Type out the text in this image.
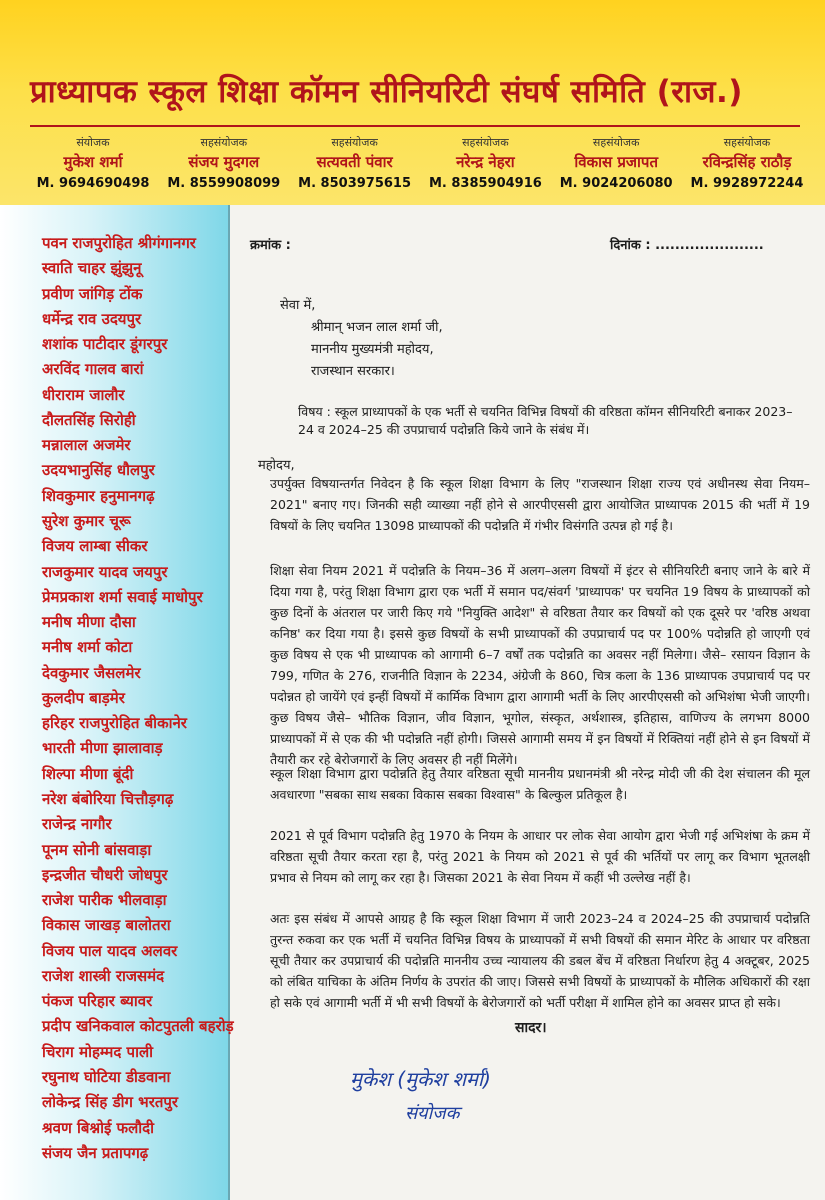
प्राध्यापक स्कूल शिक्षा कॉमन सीनियरिटी संघर्ष समिति (राज.)
संयोजक
मुकेश शर्मा
M. 9694690498
सहसंयोजक
संजय मुदगल
M. 8559908099
सहसंयोजक
सत्यवती पंवार
M. 8503975615
सहसंयोजक
नरेन्द्र नेहरा
M. 8385904916
सहसंयोजक
विकास प्रजापत
M. 9024206080
सहसंयोजक
रविन्द्रसिंह राठौड़
M. 9928972244
पवन राजपुरोहित श्रीगंगानगर
स्वाति चाहर झुंझुनू
प्रवीण जांगिड़ टोंक
धर्मेन्द्र राव उदयपुर
शशांक पाटीदार डूंगरपुर
अरविंद गालव बारां
धीराराम जालौर
दौलतसिंह सिरोही
मन्नालाल अजमेर
उदयभानुसिंह धौलपुर
शिवकुमार हनुमानगढ़
सुरेश कुमार चूरू
विजय लाम्बा सीकर
राजकुमार यादव जयपुर
प्रेमप्रकाश शर्मा सवाई माधोपुर
मनीष मीणा दौसा
मनीष शर्मा कोटा
देवकुमार जैसलमेर
कुलदीप बाड़मेर
हरिहर राजपुरोहित बीकानेर
भारती मीणा झालावाड़
शिल्पा मीणा बूंदी
नरेश बंबोरिया चित्तौड़गढ़
राजेन्द्र नागौर
पूनम सोनी बांसवाड़ा
इन्द्रजीत चौधरी जोधपुर
राजेश पारीक भीलवाड़ा
विकास जाखड़ बालोतरा
विजय पाल यादव अलवर
राजेश शास्त्री राजसमंद
पंकज परिहार ब्यावर
प्रदीप खनिकवाल कोटपुतली बहरोड़
चिराग मोहम्मद पाली
रघुनाथ घोटिया डीडवाना
लोकेन्द्र सिंह डीग भरतपुर
श्रवण बिश्नोई फलौदी
संजय जैन प्रतापगढ़
क्रमांक :	दिनांक : ......................
सेवा में,
श्रीमान् भजन लाल शर्मा जी,
माननीय मुख्यमंत्री महोदय,
राजस्थान सरकार।
विषय : स्कूल प्राध्यापकों के एक भर्ती से चयनित विभिन्न विषयों की वरिष्ठता कॉमन सीनियरिटी बनाकर 2023–24 व 2024–25 की उपप्राचार्य पदोन्नति किये जाने के संबंध में।
महोदय,
उपर्युक्त विषयान्तर्गत निवेदन है कि स्कूल शिक्षा विभाग के लिए "राजस्थान शिक्षा राज्य एवं अधीनस्थ सेवा नियम–2021" बनाए गए। जिनकी सही व्याख्या नहीं होने से आरपीएससी द्वारा आयोजित प्राध्यापक 2015 की भर्ती में 19 विषयों के लिए चयनित 13098 प्राध्यापकों की पदोन्नति में गंभीर विसंगति उत्पन्न हो गई है।
शिक्षा सेवा नियम 2021 में पदोन्नति के नियम–36 में अलग–अलग विषयों में इंटर से सीनियरिटी बनाए जाने के बारे में दिया गया है, परंतु शिक्षा विभाग द्वारा एक भर्ती में समान पद/संवर्ग 'प्राध्यापक' पर चयनित 19 विषय के प्राध्यापकों को कुछ दिनों के अंतराल पर जारी किए गये "नियुक्ति आदेश" से वरिष्ठता तैयार कर विषयों को एक दूसरे पर 'वरिष्ठ अथवा कनिष्ठ' कर दिया गया है। इससे कुछ विषयों के सभी प्राध्यापकों की उपप्राचार्य पद पर 100% पदोन्नति हो जाएगी एवं कुछ विषय से एक भी प्राध्यापक को आगामी 6–7 वर्षों तक पदोन्नति का अवसर नहीं मिलेगा। जैसे– रसायन विज्ञान के 799, गणित के 276, राजनीति विज्ञान के 2234, अंग्रेजी के 860, चित्र कला के 136 प्राध्यापक उपप्राचार्य पद पर पदोन्नत हो जायेंगे एवं इन्हीं विषयों में कार्मिक विभाग द्वारा आगामी भर्ती के लिए आरपीएससी को अभिशंषा भेजी जाएगी। कुछ विषय जैसे– भौतिक विज्ञान, जीव विज्ञान, भूगोल, संस्कृत, अर्थशास्त्र, इतिहास, वाणिज्य के लगभग 8000 प्राध्यापकों में से एक की भी पदोन्नति नहीं होगी। जिससे आगामी समय में इन विषयों में रिक्तियां नहीं होने से इन विषयों में तैयारी कर रहे बेरोजगारों के लिए अवसर ही नहीं मिलेंगे।
स्कूल शिक्षा विभाग द्वारा पदोन्नति हेतु तैयार वरिष्ठता सूची माननीय प्रधानमंत्री श्री नरेन्द्र मोदी जी की देश संचालन की मूल अवधारणा "सबका साथ सबका विकास सबका विश्वास" के बिल्कुल प्रतिकूल है।
2021 से पूर्व विभाग पदोन्नति हेतु 1970 के नियम के आधार पर लोक सेवा आयोग द्वारा भेजी गई अभिशंषा के क्रम में वरिष्ठता सूची तैयार करता रहा है, परंतु 2021 के नियम को 2021 से पूर्व की भर्तियों पर लागू कर विभाग भूतलक्षी प्रभाव से नियम को लागू कर रहा है। जिसका 2021 के सेवा नियम में कहीं भी उल्लेख नहीं है।
अतः इस संबंध में आपसे आग्रह है कि स्कूल शिक्षा विभाग में जारी 2023–24 व 2024–25 की उपप्राचार्य पदोन्नति तुरन्त रुकवा कर एक भर्ती में चयनित विभिन्न विषय के प्राध्यापकों में सभी विषयों की समान मेरिट के आधार पर वरिष्ठता सूची तैयार कर उपप्राचार्य की पदोन्नति माननीय उच्च न्यायालय की डबल बेंच में वरिष्ठता निर्धारण हेतु 4 अक्टूबर, 2025 को लंबित याचिका के अंतिम निर्णय के उपरांत की जाए। जिससे सभी विषयों के प्राध्यापकों के मौलिक अधिकारों की रक्षा हो सके एवं आगामी भर्ती में भी सभी विषयों के बेरोजगारों को भर्ती परीक्षा में शामिल होने का अवसर प्राप्त हो सके।
सादर।
मुकेश (मुकेश शर्मा)
संयोजक
